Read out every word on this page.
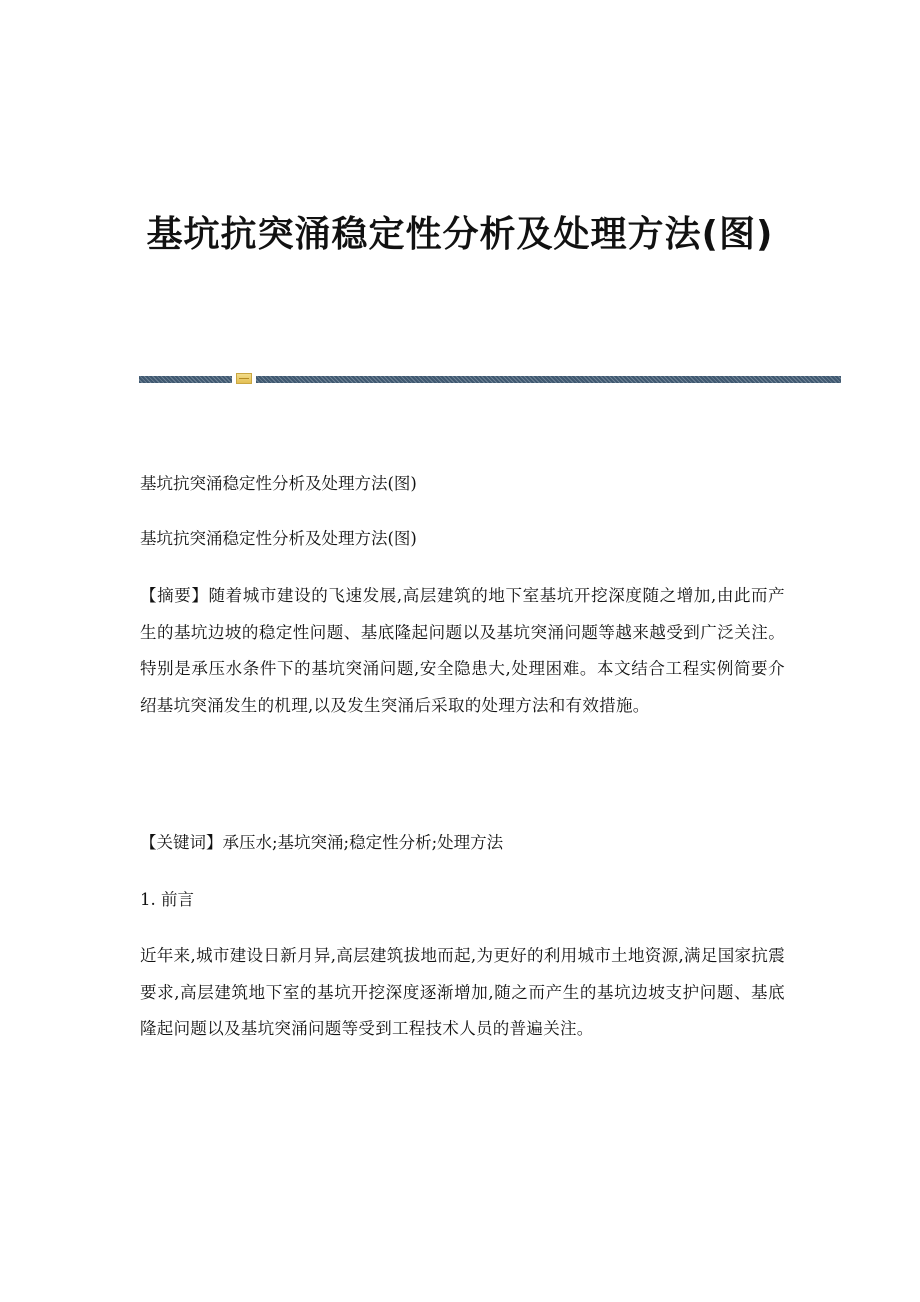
基坑抗突涌稳定性分析及处理方法(图)
基坑抗突涌稳定性分析及处理方法(图)
基坑抗突涌稳定性分析及处理方法(图)
【摘要】随着城市建设的飞速发展,高层建筑的地下室基坑开挖深度随之增加,由此而产生的基坑边坡的稳定性问题、基底隆起问题以及基坑突涌问题等越来越受到广泛关注。特别是承压水条件下的基坑突涌问题,安全隐患大,处理困难。本文结合工程实例简要介绍基坑突涌发生的机理,以及发生突涌后采取的处理方法和有效措施。
【关键词】承压水;基坑突涌;稳定性分析;处理方法
1. 前言
近年来,城市建设日新月异,高层建筑拔地而起,为更好的利用城市土地资源,满足国家抗震要求,高层建筑地下室的基坑开挖深度逐渐增加,随之而产生的基坑边坡支护问题、基底隆起问题以及基坑突涌问题等受到工程技术人员的普遍关注。
